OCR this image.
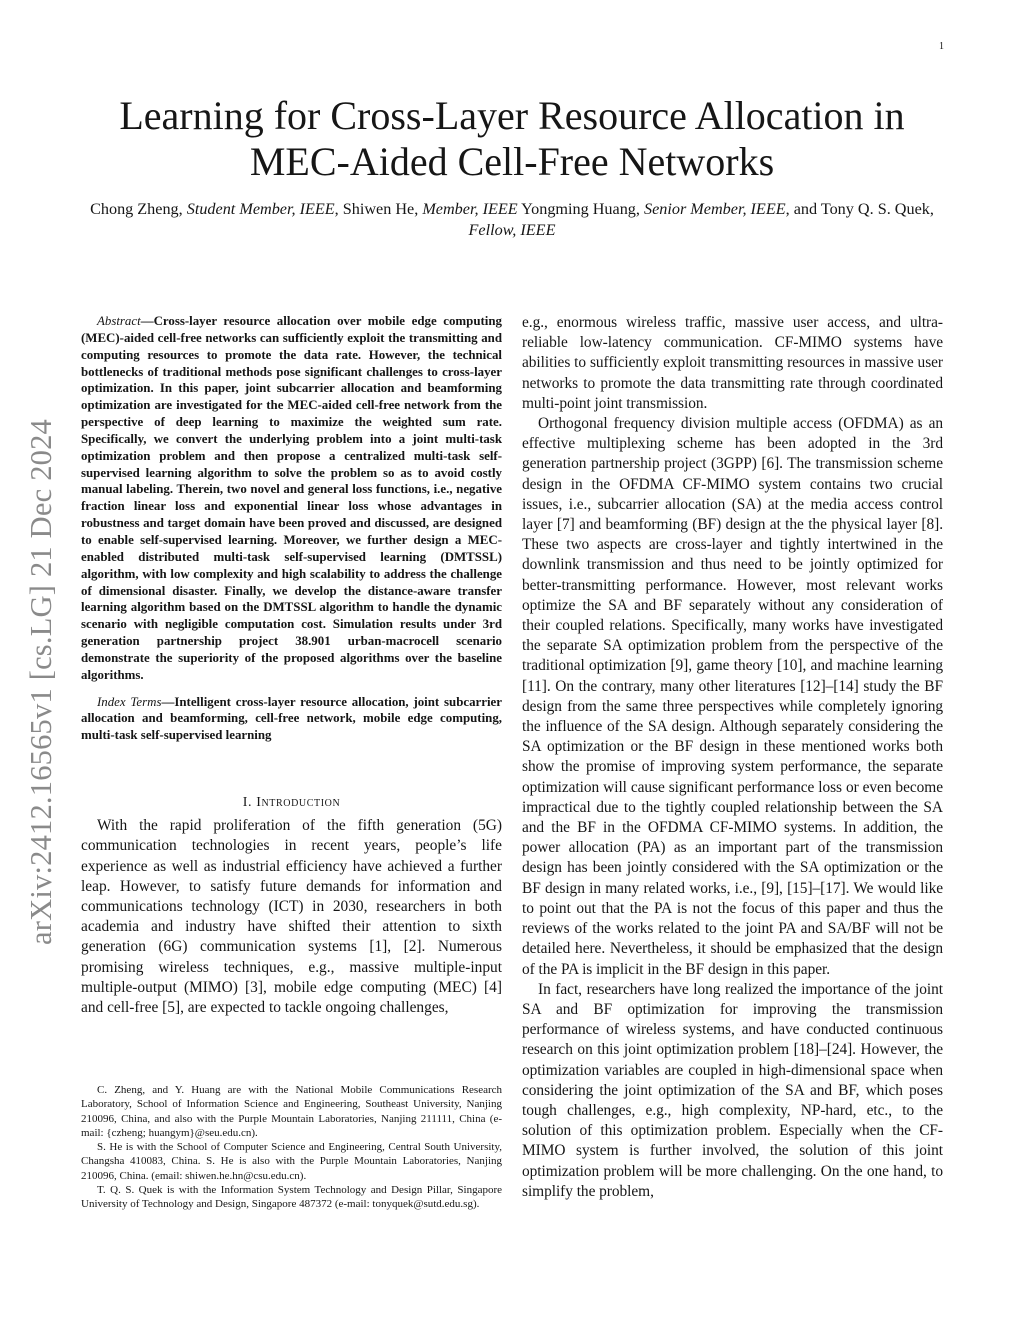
1
arXiv:2412.16565v1 [cs.LG] 21 Dec 2024
Learning for Cross-Layer Resource Allocation in MEC-Aided Cell-Free Networks
Chong Zheng, Student Member, IEEE, Shiwen He, Member, IEEE Yongming Huang, Senior Member, IEEE, and Tony Q. S. Quek, Fellow, IEEE

Abstract—Cross-layer resource allocation over mobile edge computing (MEC)-aided cell-free networks can sufficiently exploit the transmitting and computing resources to promote the data rate. However, the technical bottlenecks of traditional methods pose significant challenges to cross-layer optimization. In this paper, joint subcarrier allocation and beamforming optimization are investigated for the MEC-aided cell-free network from the perspective of deep learning to maximize the weighted sum rate. Specifically, we convert the underlying problem into a joint multi-task optimization problem and then propose a centralized multi-task self-supervised learning algorithm to solve the problem so as to avoid costly manual labeling. Therein, two novel and general loss functions, i.e., negative fraction linear loss and exponential linear loss whose advantages in robustness and target domain have been proved and discussed, are designed to enable self-supervised learning. Moreover, we further design a MEC-enabled distributed multi-task self-supervised learning (DMTSSL) algorithm, with low complexity and high scalability to address the challenge of dimensional disaster. Finally, we develop the distance-aware transfer learning algorithm based on the DMTSSL algorithm to handle the dynamic scenario with negligible computation cost. Simulation results under 3rd generation partnership project 38.901 urban-macrocell scenario demonstrate the superiority of the proposed algorithms over the baseline algorithms.

Index Terms—Intelligent cross-layer resource allocation, joint subcarrier allocation and beamforming, cell-free network, mobile edge computing, multi-task self-supervised learning

I. Introduction

With the rapid proliferation of the fifth generation (5G) communication technologies in recent years, people’s life experience as well as industrial efficiency have achieved a further leap. However, to satisfy future demands for information and communications technology (ICT) in 2030, researchers in both academia and industry have shifted their attention to sixth generation (6G) communication systems [1], [2]. Numerous promising wireless techniques, e.g., massive multiple-input multiple-output (MIMO) [3], mobile edge computing (MEC) [4] and cell-free [5], are expected to tackle ongoing challenges,

C. Zheng, and Y. Huang are with the National Mobile Communications Research Laboratory, School of Information Science and Engineering, Southeast University, Nanjing 210096, China, and also with the Purple Mountain Laboratories, Nanjing 211111, China (e-mail: {czheng; huangym}@seu.edu.cn).

S. He is with the School of Computer Science and Engineering, Central South University, Changsha 410083, China. S. He is also with the Purple Mountain Laboratories, Nanjing 210096, China. (email: shiwen.he.hn@csu.edu.cn).

T. Q. S. Quek is with the Information System Technology and Design Pillar, Singapore University of Technology and Design, Singapore 487372 (e-mail: tonyquek@sutd.edu.sg).

e.g., enormous wireless traffic, massive user access, and ultra-reliable low-latency communication. CF-MIMO systems have abilities to sufficiently exploit transmitting resources in massive user networks to promote the data transmitting rate through coordinated multi-point joint transmission.

Orthogonal frequency division multiple access (OFDMA) as an effective multiplexing scheme has been adopted in the 3rd generation partnership project (3GPP) [6]. The transmission scheme design in the OFDMA CF-MIMO system contains two crucial issues, i.e., subcarrier allocation (SA) at the media access control layer [7] and beamforming (BF) design at the the physical layer [8]. These two aspects are cross-layer and tightly intertwined in the downlink transmission and thus need to be jointly optimized for better-transmitting performance. However, most relevant works optimize the SA and BF separately without any consideration of their coupled relations. Specifically, many works have investigated the separate SA optimization problem from the perspective of the traditional optimization [9], game theory [10], and machine learning [11]. On the contrary, many other literatures [12]–[14] study the BF design from the same three perspectives while completely ignoring the influence of the SA design. Although separately considering the SA optimization or the BF design in these mentioned works both show the promise of improving system performance, the separate optimization will cause significant performance loss or even become impractical due to the tightly coupled relationship between the SA and the BF in the OFDMA CF-MIMO systems. In addition, the power allocation (PA) as an important part of the transmission design has been jointly considered with the SA optimization or the BF design in many related works, i.e., [9], [15]–[17]. We would like to point out that the PA is not the focus of this paper and thus the reviews of the works related to the joint PA and SA/BF will not be detailed here. Nevertheless, it should be emphasized that the design of the PA is implicit in the BF design in this paper.

In fact, researchers have long realized the importance of the joint SA and BF optimization for improving the transmission performance of wireless systems, and have conducted continuous research on this joint optimization problem [18]–[24]. However, the optimization variables are coupled in high-dimensional space when considering the joint optimization of the SA and BF, which poses tough challenges, e.g., high complexity, NP-hard, etc., to the solution of this optimization problem. Especially when the CF-MIMO system is further involved, the solution of this joint optimization problem will be more challenging. On the one hand, to simplify the problem,
